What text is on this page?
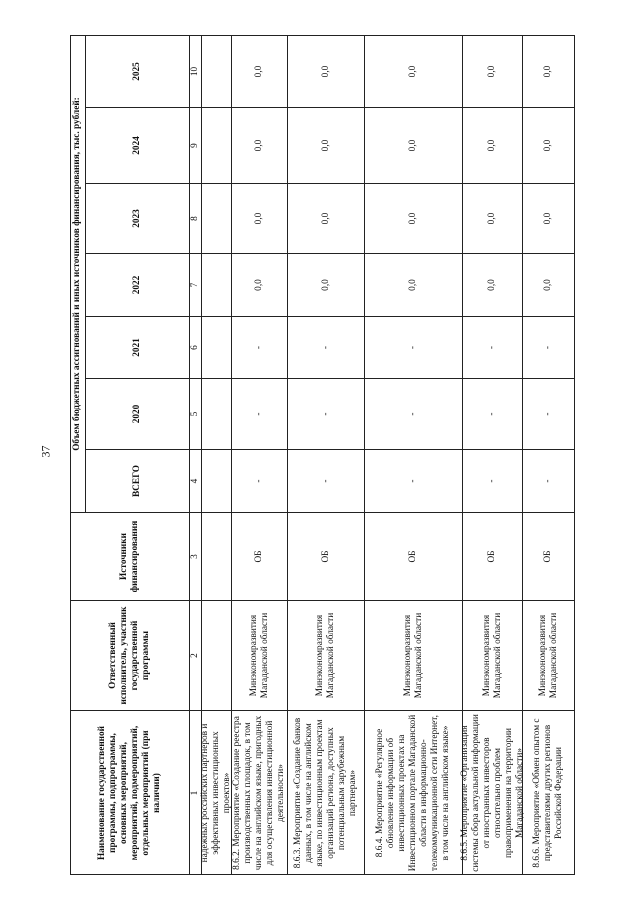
37
Наименование государственной программы, подпрограммы, основных мероприятий, мероприятий, подмероприятий, отдельных мероприятий (при наличии)
Ответственный исполнитель, участник государственной программы
Источники финансирования
Объем бюджетных ассигнований и иных источников финансирования, тыс. рублей:
ВСЕГО
2020
2021
2022
2023
2024
2025
1
2
3
4
5
6
7
8
9
10
надежных российских партнеров и эффективных инвестиционных проектов» 8.6.2. Мероприятие «Создание реестра производственных площадок, в том числе на английском языке, пригодных для осуществления инвестиционной деятельности»
Минэкономразвития Магаданской области
ОБ
-
-
-
0,0
0,0
0,0
0,0
8.6.3. Мероприятие «Создание банков данных, в том числе на английском языке, по инвестиционным проектам организаций региона, доступных потенциальным зарубежным партнерам»
Минэкономразвития Магаданской области
ОБ
-
-
-
0,0
0,0
0,0
0,0
8.6.4. Мероприятие «Регулярное обновление информации об инвестиционных проектах на Инвестиционном портале Магаданской области в информационно-телекоммуникационной сети Интернет, в том числе на английском языке»
Минэкономразвития Магаданской области
ОБ
-
-
-
0,0
0,0
0,0
0,0
8.6.5. Мероприятие «Организация системы сбора актуальной информации от иностранных инвесторов относительно проблем правоприменения на территории Магаданской области»
Минэкономразвития Магаданской области
ОБ
-
-
-
0,0
0,0
0,0
0,0
8.6.6. Мероприятие «Обмен опытом с представителями других регионов Российской Федерации
Минэкономразвития Магаданской области
ОБ
-
-
-
0,0
0,0
0,0
0,0
